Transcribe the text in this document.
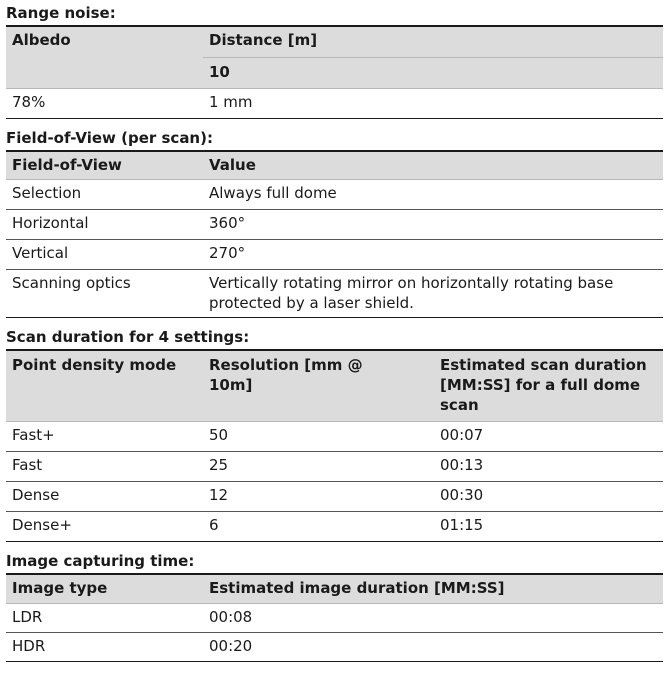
Range noise:
Albedo	Distance [m]
	10
78%	1 mm
Field-of-View (per scan):
Field-of-View	Value
Selection	Always full dome
Horizontal	360°
Vertical	270°
Scanning optics	Vertically rotating mirror on horizontally rotating base protected by a laser shield.
Scan duration for 4 settings:
Point density mode	Resolution [mm @ 10m]	Estimated scan duration [MM:SS] for a full dome scan
Fast+	50	00:07
Fast	25	00:13
Dense	12	00:30
Dense+	6	01:15
Image capturing time:
Image type	Estimated image duration [MM:SS]
LDR	00:08
HDR	00:20
